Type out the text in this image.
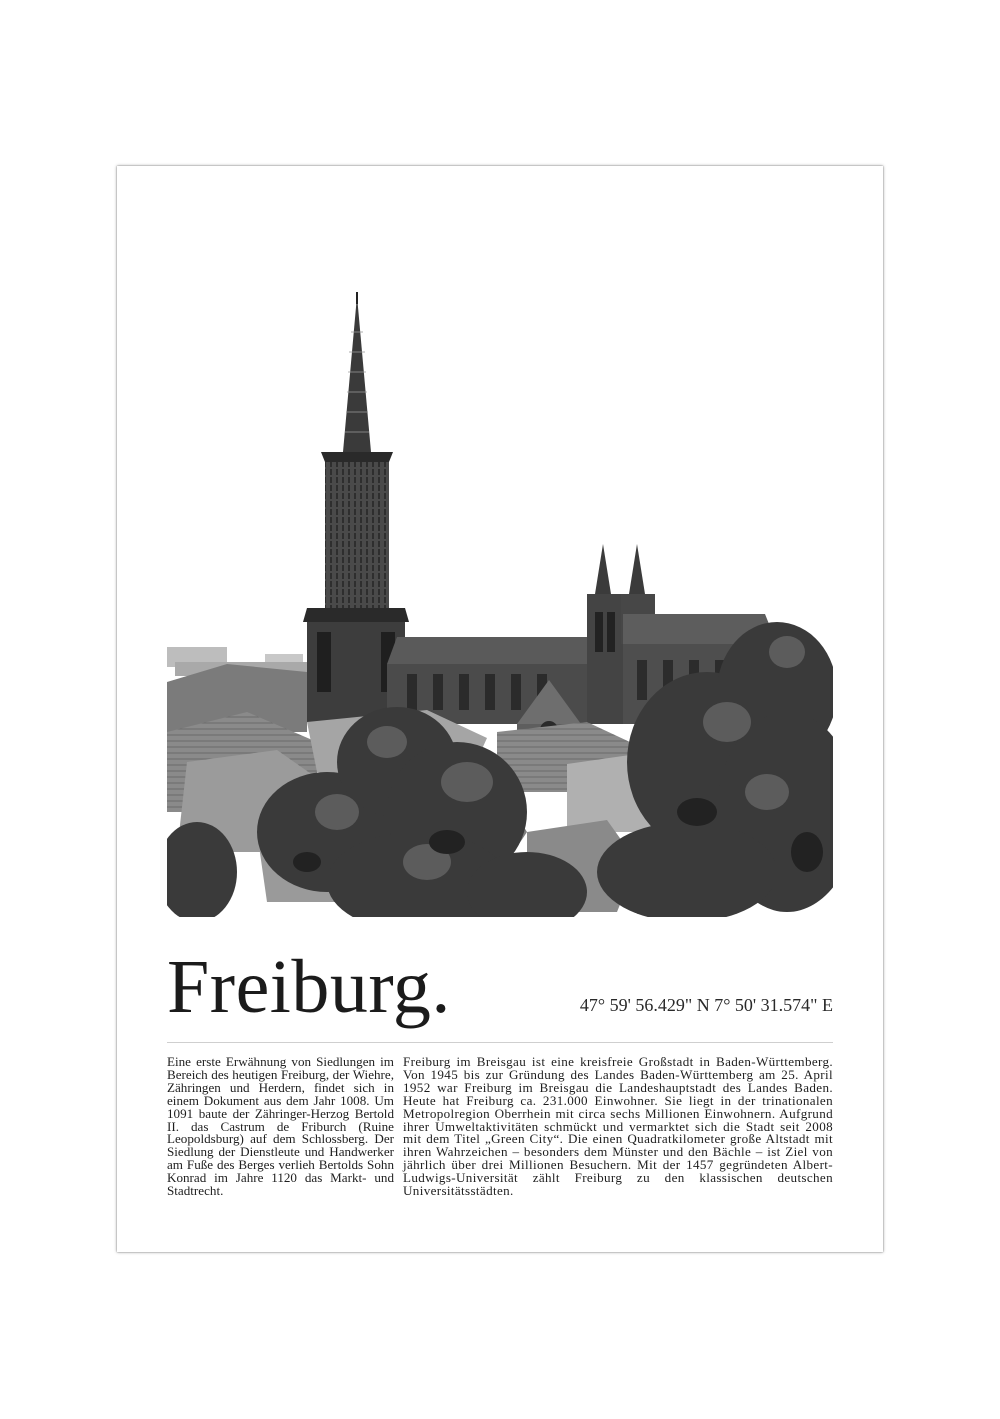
Freiburg.	47° 59' 56.429" N 7° 50' 31.574" E
Eine erste Erwähnung von Siedlungen im Bereich des heutigen Freiburg, der Wiehre, Zähringen und Herdern, findet sich in einem Dokument aus dem Jahr 1008. Um 1091 baute der Zähringer-Herzog Bertold II. das Castrum de Friburch (Ruine Leopoldsburg) auf dem Schlossberg. Der Siedlung der Dienstleute und Handwerker am Fuße des Berges verlieh Bertolds Sohn Konrad im Jahre 1120 das Markt- und Stadtrecht.
Freiburg im Breisgau ist eine kreisfreie Großstadt in Baden-Württemberg. Von 1945 bis zur Gründung des Landes Baden-Württemberg am 25. April 1952 war Freiburg im Breisgau die Landeshauptstadt des Landes Baden. Heute hat Freiburg ca. 231.000 Einwohner. Sie liegt in der trinationalen Metropolregion Oberrhein mit circa sechs Millionen Einwohnern. Aufgrund ihrer Umweltaktivitäten schmückt und vermarktet sich die Stadt seit 2008 mit dem Titel „Green City“. Die einen Quadratkilometer große Altstadt mit ihren Wahrzeichen – besonders dem Münster und den Bächle – ist Ziel von jährlich über drei Millionen Besuchern. Mit der 1457 gegründeten Albert-Ludwigs-Universität zählt Freiburg zu den klassischen deutschen Universitätsstädten.
